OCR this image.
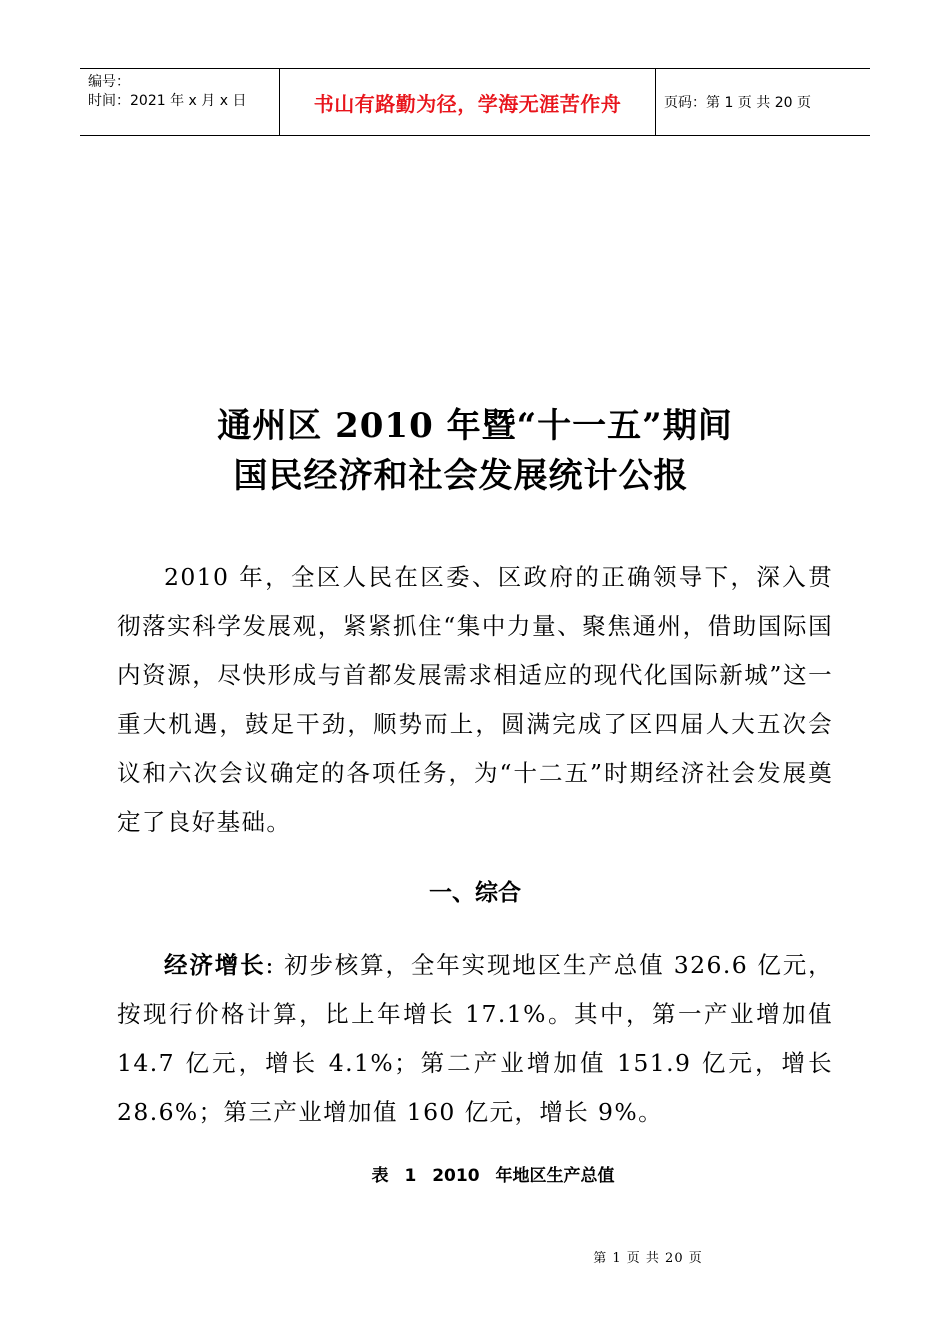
编号：
时间：2021 年 x 月 x 日	书山有路勤为径，学海无涯苦作舟	页码：第 1 页 共 20 页
通州区 2010 年暨“十一五”期间
国民经济和社会发展统计公报
2010 年，全区人民在区委、区政府的正确领导下，深入贯彻落实科学发展观，紧紧抓住“集中力量、聚焦通州，借助国际国内资源，尽快形成与首都发展需求相适应的现代化国际新城”这一重大机遇，鼓足干劲，顺势而上，圆满完成了区四届人大五次会议和六次会议确定的各项任务，为“十二五”时期经济社会发展奠定了良好基础。
一、综合
经济增长: 初步核算，全年实现地区生产总值 326.6 亿元，按现行价格计算，比上年增长 17.1%。其中，第一产业增加值 14.7 亿元，增长 4.1%；第二产业增加值 151.9 亿元，增长 28.6%；第三产业增加值 160 亿元，增长 9%。
表 1 2010 年地区生产总值
第 1 页 共 20 页
